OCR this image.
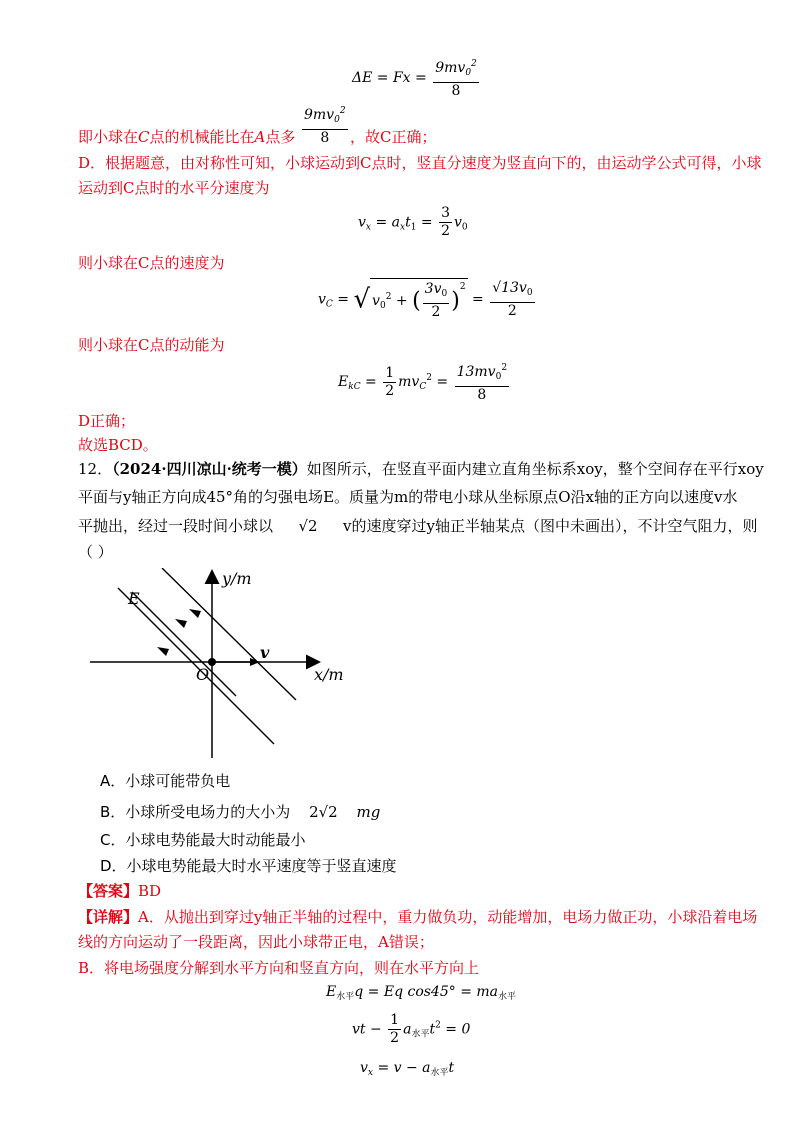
$\Delta E = Fx = \frac{9mv_0^2}{8}$
即小球在C点的机械能比在A点多 $\frac{9mv_0^2}{8}$ ，故C正确；
D．根据题意，由对称性可知，小球运动到C点时，竖直分速度为竖直向下的，由运动学公式可得，小球
运动到C点时的水平分速度为
$v_x = a_xt_1 = \frac{3}{2} v_0$
则小球在C点的速度为
$v_C$ = √ $v_0^2$ + ( $\frac{3v_0}{2} )^2 = \frac{√13v_0}{2}$
则小球在C点的动能为
$E_{kC} = \frac{1}{2} mv_C^2 = \frac{13mv_0^2}{8}$
D正确；
故选BCD。
12．（2024·四川凉山·统考一模）如图所示，在竖直平面内建立直角坐标系xoy，整个空间存在平行xoy
平面与y轴正方向成45°角的匀强电场E。质量为m的带电小球从坐标原点O沿x轴的正方向以速度v水
平抛出，经过一段时间小球以 √2 v的速度穿过y轴正半轴某点（图中未画出），不计空气阻力，则
（ ）
y/m
x/m
O
E
v
A．小球可能带负电
B．小球所受电场力的大小为 2√2 mg
C．小球电势能最大时动能最小
D．小球电势能最大时水平速度等于竖直速度
【答案】BD
【详解】A．从抛出到穿过y轴正半轴的过程中，重力做负功，动能增加，电场力做正功，小球沿着电场
线的方向运动了一段距离，因此小球带正电，A错误；
B．将电场强度分解到水平方向和竖直方向，则在水平方向上
$E_{水平}q = Eq$ $\cos 45^\circ = ma_{水平}$
vt − $\frac{1}{2} a_{水平}t^2 = 0$
$v_x = v - a_{水平}t$
